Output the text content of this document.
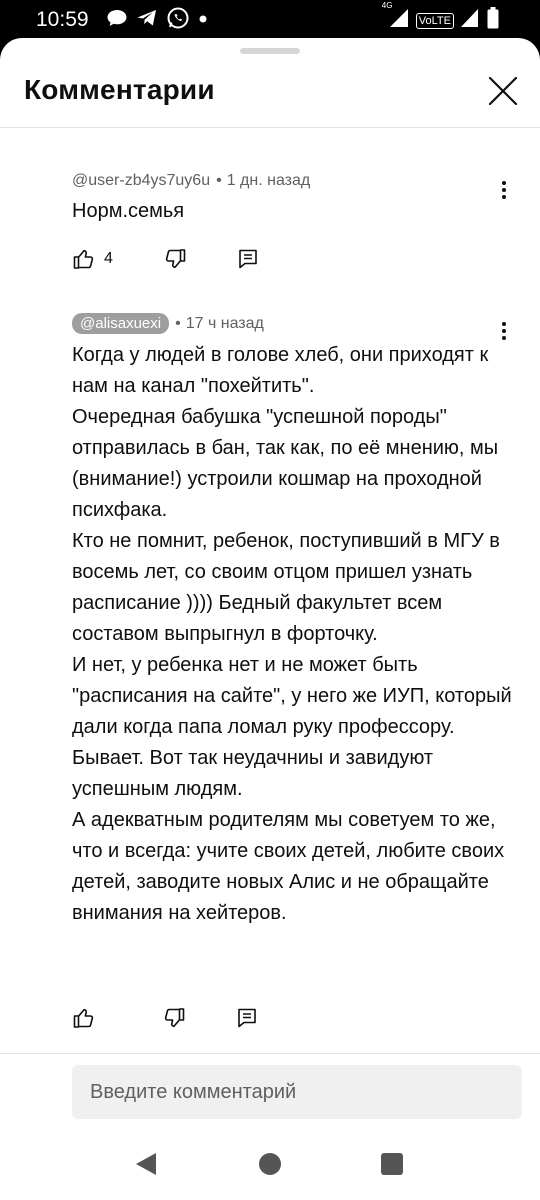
10:59
4G
VoLTE
Комментарии
@user-zb4ys7uy6u • 1 дн. назад

Норм.семья

4
@alisaxuexi • 17 ч назад

Когда у людей в голове хлеб, они приходят к нам на канал "похейтить".

Очередная бабушка "успешной породы" отправилась в бан, так как, по её мнению, мы (внимание!) устроили кошмар на проходной психфака.

Кто не помнит, ребенок, поступивший в МГУ в восемь лет, со своим отцом пришел узнать расписание )))) Бедный факультет всем составом выпрыгнул в форточку.

И нет, у ребенка нет и не может быть "расписания на сайте", у него же ИУП, который дали когда папа ломал руку профессору.

Бывает. Вот так неудачниы и завидуют успешным людям.

А адекватным родителям мы советуем то же, что и всегда: учите своих детей, любите своих детей, заводите новых Алис и не обращайте внимания на хейтеров.

Введите комментарий
